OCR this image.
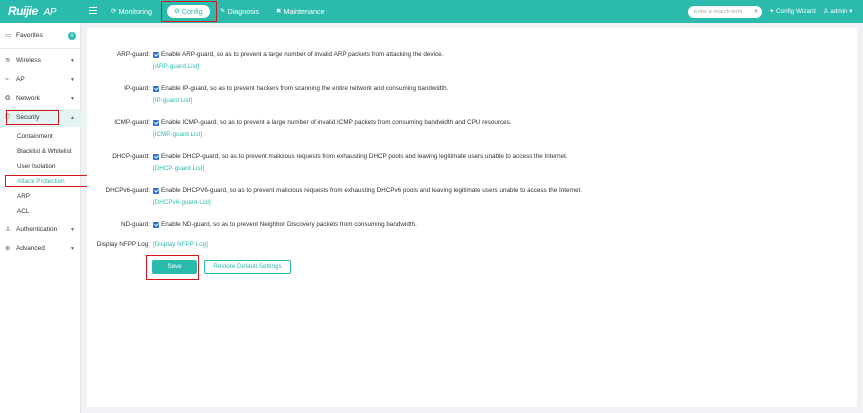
Ruijie AP	⟳ Monitoring	⚙ Config	✎ Diagnosis	✖ Maintenance	Enter a search term ⌕ ✦ Config Wizard ♙ admin ▾
▭ Favorites	0
≋ Wireless	▼
⌁ AP	▼
❂ Network	▼
⛉ Security	▲
Containment
Blacklist & Whitelist
User Isolation
Attack Protection
ARP
ACL
♙ Authentication	▼
⊕ Advanced	▼
ARP-guard: Enable ARP-guard, so as to prevent a large number of invalid ARP packets from attacking the device.
[ARP-guard List]
IP-guard: Enable IP-guard, so as to prevent hackers from scanning the entire network and consuming bandwidth.
[IP-guard List]
ICMP-guard: Enable ICMP-guard, so as to prevent a large number of invalid ICMP packets from consuming bandwidth and CPU resources.
[ICMP-guard List]
DHCP-guard: Enable DHCP-guard, so as to prevent malicious requests from exhausting DHCP pools and leaving legitimate users unable to access the Internet.
[DHCP-guard List]
DHCPv6-guard: Enable DHCPV6-guard, so as to prevent malicious requests from exhausting DHCPv6 pools and leaving legitimate users unable to access the Internet.
[DHCPv6-guard List]
ND-guard: Enable ND-guard, so as to prevent Neighbor Discovery packets from consuming bandwidth.
Display NFPP Log: [Display NFPP Log]
Save	Restore Default Settings
